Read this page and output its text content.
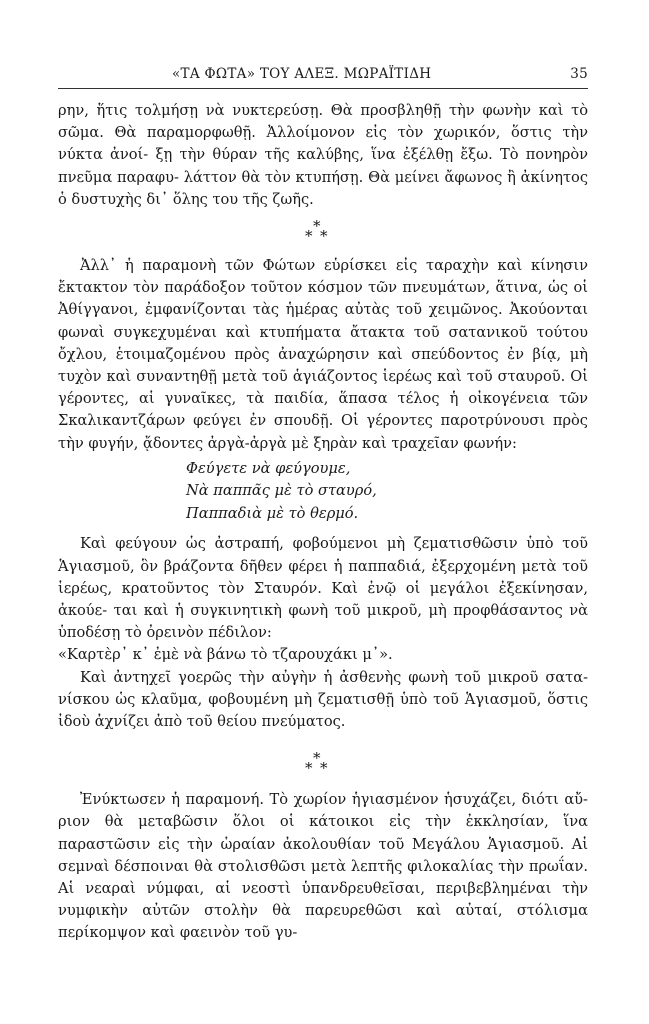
«ΤΑ ΦΩΤΑ» ΤΟΥ ΑΛΕΞ. ΜΩΡΑΪΤΙΔΗ	35

ρην, ἥτις τολμήσῃ νὰ νυκτερεύσῃ. Θὰ προσβληθῇ τὴν φωνὴν καὶ τὸ σῶμα. Θὰ παραμορφωθῇ. Ἀλλοίμονον εἰς τὸν χωρικόν, ὅστις τὴν νύκτα ἀνοί- ξῃ τὴν θύραν τῆς καλύβης, ἵνα ἐξέλθῃ ἔξω. Τὸ πονηρὸν πνεῦμα παραφυ- λάττον θὰ τὸν κτυπήσῃ. Θὰ μείνει ἄφωνος ἢ ἀκίνητος ὁ δυστυχὴς δι᾿ ὅλης του τῆς ζωῆς.

*
* *

Ἀλλ᾿ ἡ παραμονὴ τῶν Φώτων εὑρίσκει εἰς ταραχὴν καὶ κίνησιν ἔκτακτον τὸν παράδοξον τοῦτον κόσμον τῶν πνευμάτων, ἅτινα, ὡς οἱ Ἀθίγγανοι, ἐμφανίζονται τὰς ἡμέρας αὐτὰς τοῦ χειμῶνος. Ἀκούονται φωναὶ συγκεχυμέναι καὶ κτυπήματα ἄτακτα τοῦ σατανικοῦ τούτου ὄχλου, ἑτοιμαζομένου πρὸς ἀναχώρησιν καὶ σπεύδοντος ἐν βίᾳ, μὴ τυχὸν καὶ συναντηθῇ μετὰ τοῦ ἁγιάζοντος ἱερέως καὶ τοῦ σταυροῦ. Οἱ γέροντες, αἱ γυναῖκες, τὰ παιδία, ἅπασα τέλος ἡ οἰκογένεια τῶν Σκαλικαντζάρων φεύγει ἐν σπουδῇ. Οἱ γέροντες παροτρύνουσι πρὸς τὴν φυγήν, ᾄδοντες ἀργὰ-ἀργὰ μὲ ξηρὰν καὶ τραχεῖαν φωνήν:

Φεύγετε νὰ φεύγουμε,
Νὰ παππᾶς μὲ τὸ σταυρό,
Παππαδιὰ μὲ τὸ θερμό.

Καὶ φεύγουν ὡς ἀστραπή, φοβούμενοι μὴ ζεματισθῶσιν ὑπὸ τοῦ Ἁγιασμοῦ, ὃν βράζοντα δῆθεν φέρει ἡ παππαδιά, ἐξερχομένη μετὰ τοῦ ἱερέως, κρατοῦντος τὸν Σταυρόν. Καὶ ἐνῷ οἱ μεγάλοι ἐξεκίνησαν, ἀκούε- ται καὶ ἡ συγκινητικὴ φωνὴ τοῦ μικροῦ, μὴ προφθάσαντος νὰ ὑποδέσῃ τὸ ὀρεινὸν πέδιλον:

«Καρτὲρ᾿ κ᾿ ἐμὲ νὰ βάνω τὸ τζαρουχάκι μ᾿».

Καὶ ἀντηχεῖ γοερῶς τὴν αὐγὴν ἡ ἀσθενὴς φωνὴ τοῦ μικροῦ σατα- νίσκου ὡς κλαῦμα, φοβουμένη μὴ ζεματισθῇ ὑπὸ τοῦ Ἁγιασμοῦ, ὅστις ἰδοὺ ἀχνίζει ἀπὸ τοῦ θείου πνεύματος.

*
* *

Ἐνύκτωσεν ἡ παραμονή. Τὸ χωρίον ἡγιασμένον ἡσυχάζει, διότι αὔ- ριον θὰ μεταβῶσιν ὅλοι οἱ κάτοικοι εἰς τὴν ἐκκλησίαν, ἵνα παραστῶσιν εἰς τὴν ὡραίαν ἀκολουθίαν τοῦ Μεγάλου Ἁγιασμοῦ. Αἱ σεμναὶ δέσποιναι θὰ στολισθῶσι μετὰ λεπτῆς φιλοκαλίας τὴν πρωΐαν. Αἱ νεαραὶ νύμφαι, αἱ νεοστὶ ὑπανδρευθεῖσαι, περιβεβλημέναι τὴν νυμφικὴν αὐτῶν στολὴν θὰ παρευρεθῶσι καὶ αὐταί, στόλισμα περίκομψον καὶ φαεινὸν τοῦ γυ-
